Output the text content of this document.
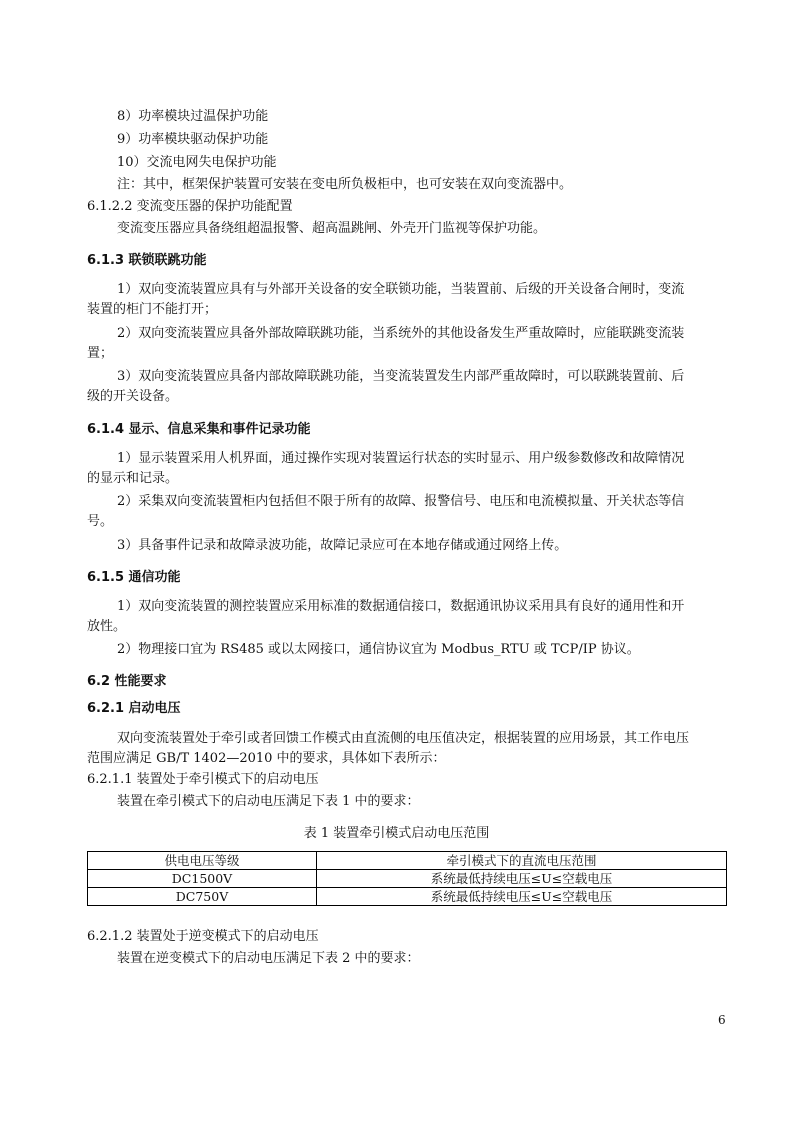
8）功率模块过温保护功能
9）功率模块驱动保护功能
10）交流电网失电保护功能
注：其中，框架保护装置可安装在变电所负极柜中，也可安装在双向变流器中。
6.1.2.2 变流变压器的保护功能配置
变流变压器应具备绕组超温报警、超高温跳闸、外壳开门监视等保护功能。
6.1.3 联锁联跳功能
1）双向变流装置应具有与外部开关设备的安全联锁功能，当装置前、后级的开关设备合闸时，变流
装置的柜门不能打开；
2）双向变流装置应具备外部故障联跳功能，当系统外的其他设备发生严重故障时，应能联跳变流装
置；
3）双向变流装置应具备内部故障联跳功能，当变流装置发生内部严重故障时，可以联跳装置前、后
级的开关设备。
6.1.4 显示、信息采集和事件记录功能
1）显示装置采用人机界面，通过操作实现对装置运行状态的实时显示、用户级参数修改和故障情况
的显示和记录。
2）采集双向变流装置柜内包括但不限于所有的故障、报警信号、电压和电流模拟量、开关状态等信
号。
3）具备事件记录和故障录波功能，故障记录应可在本地存储或通过网络上传。
6.1.5 通信功能
1）双向变流装置的测控装置应采用标准的数据通信接口，数据通讯协议采用具有良好的通用性和开
放性。
2）物理接口宜为 RS485 或以太网接口，通信协议宜为 Modbus_RTU 或 TCP/IP 协议。
6.2 性能要求
6.2.1 启动电压
双向变流装置处于牵引或者回馈工作模式由直流侧的电压值决定，根据装置的应用场景，其工作电压
范围应满足 GB/T 1402—2010 中的要求，具体如下表所示：
6.2.1.1 装置处于牵引模式下的启动电压
装置在牵引模式下的启动电压满足下表 1 中的要求：
表 1 装置牵引模式启动电压范围
供电电压等级	牵引模式下的直流电压范围
DC1500V	系统最低持续电压≤U≤空载电压
DC750V	系统最低持续电压≤U≤空载电压
6.2.1.2 装置处于逆变模式下的启动电压
装置在逆变模式下的启动电压满足下表 2 中的要求：
6
